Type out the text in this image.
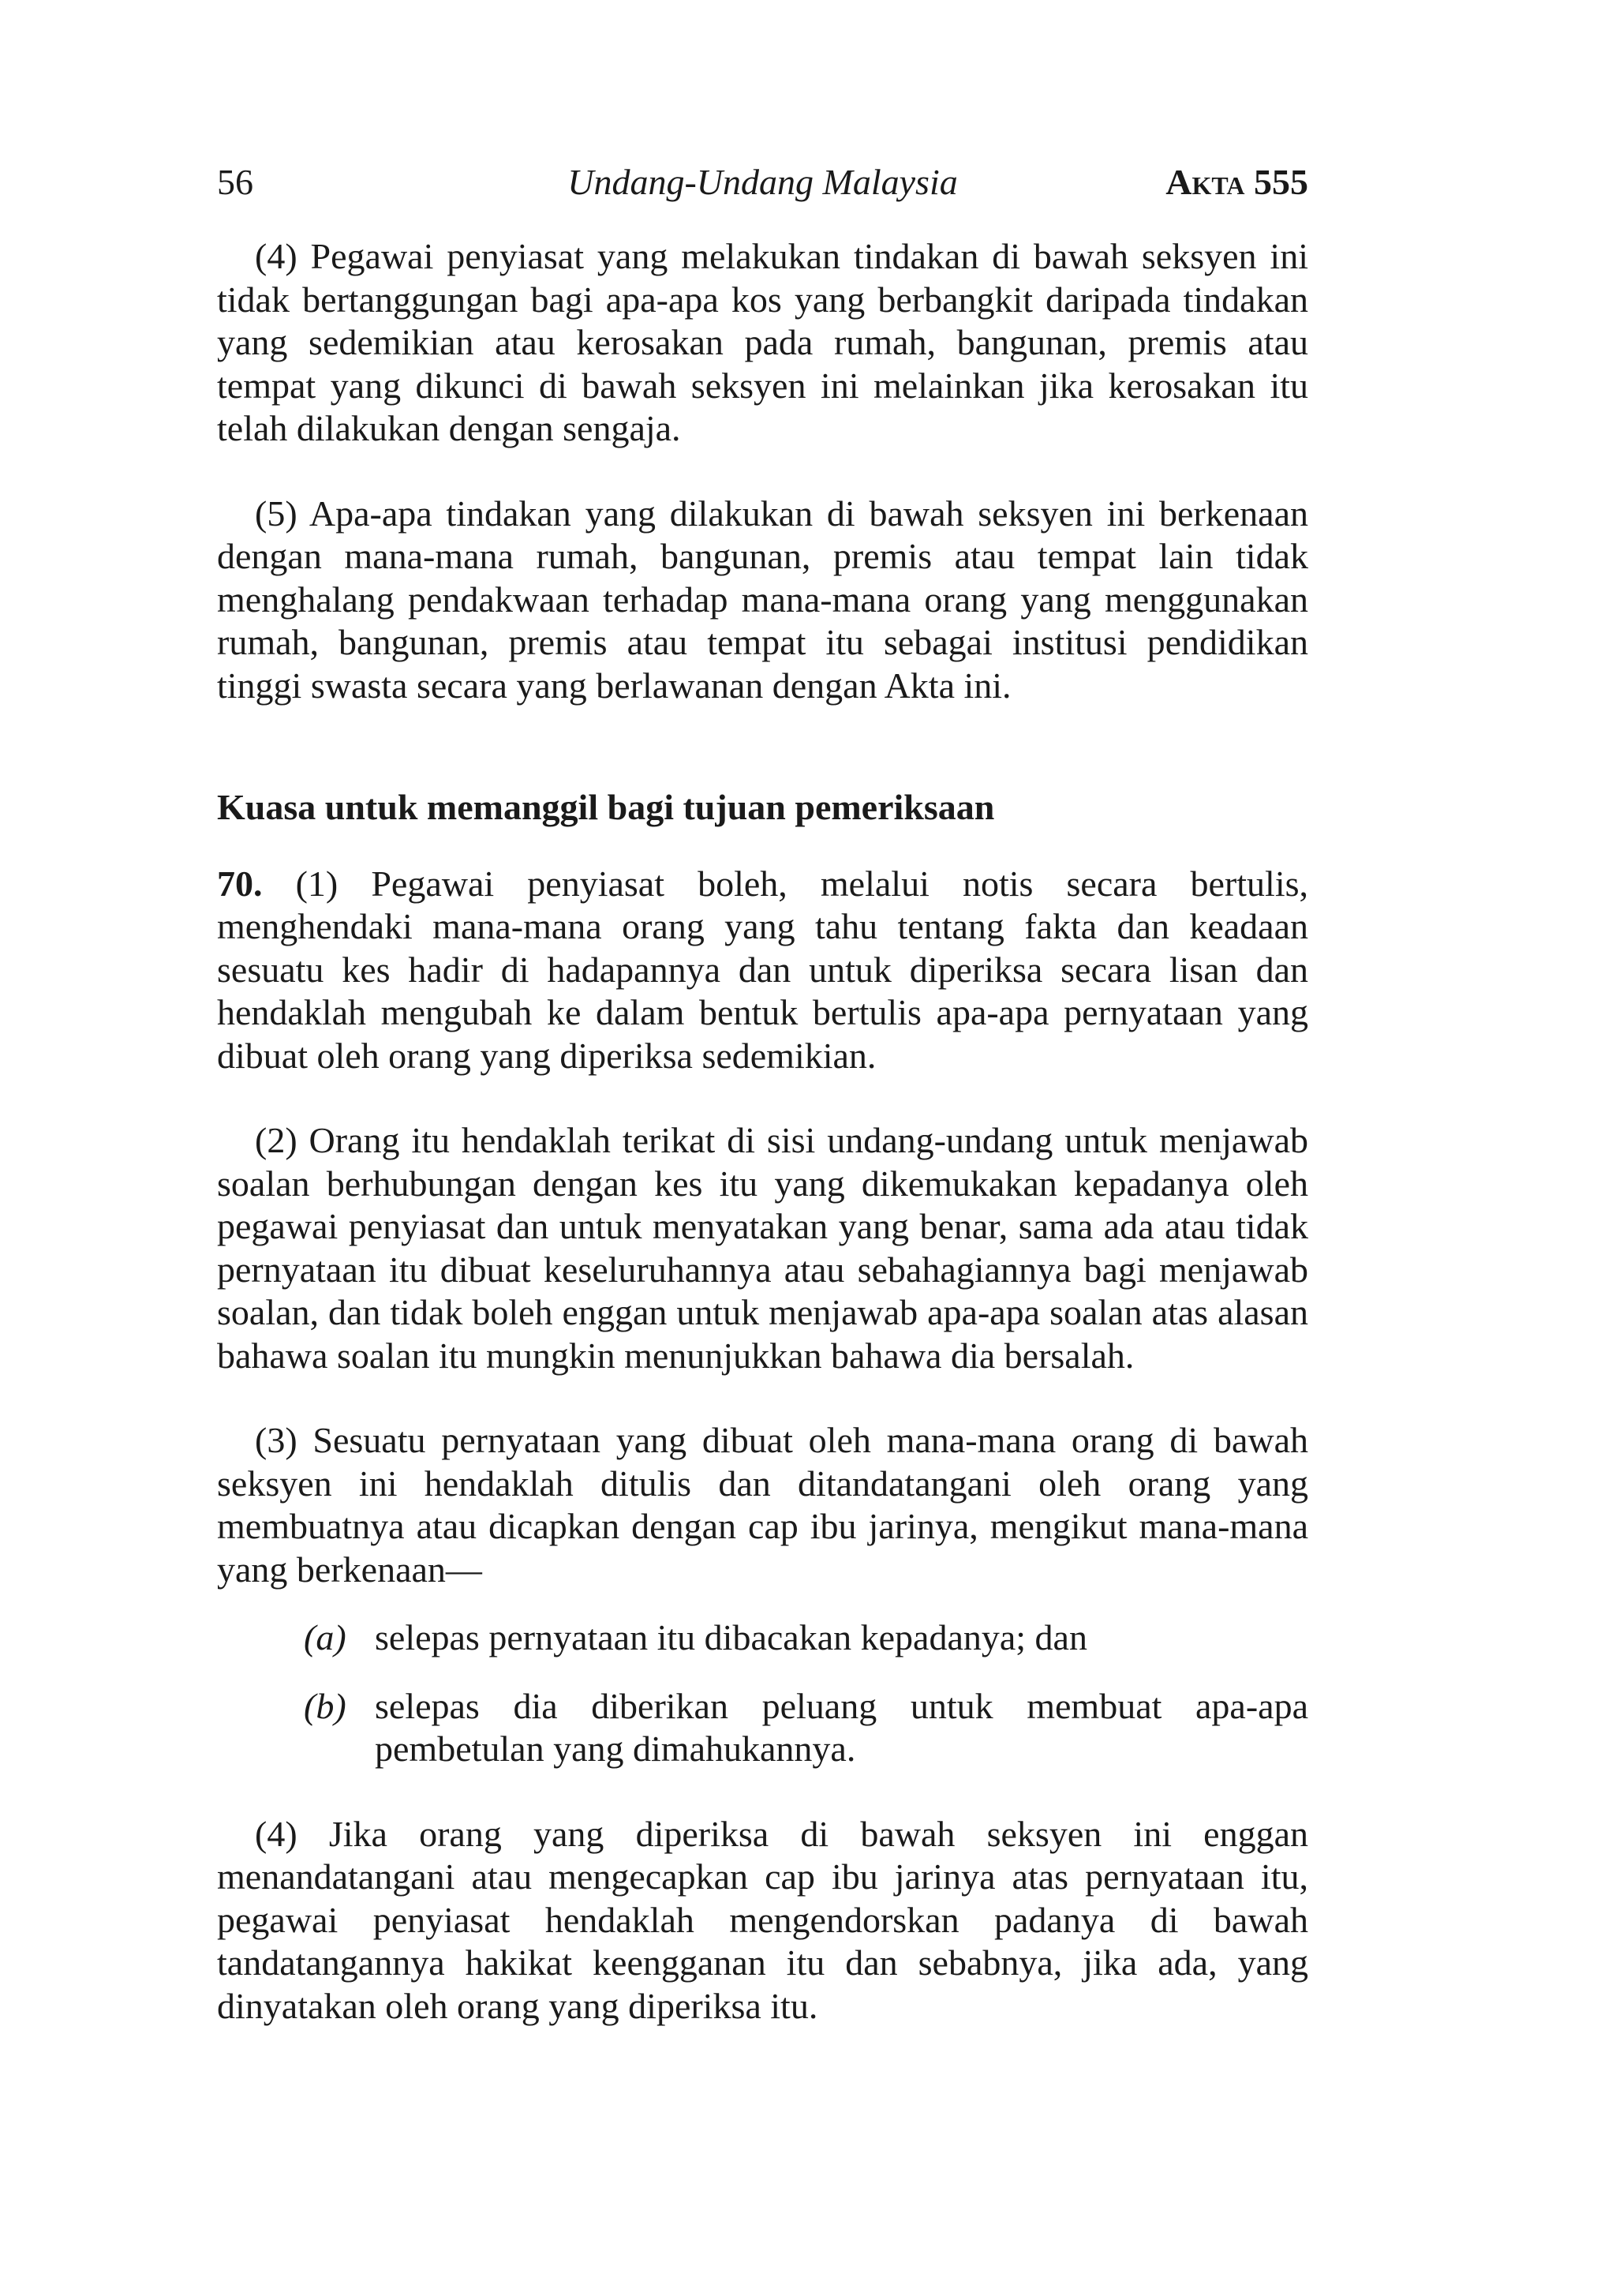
56	Undang-Undang Malaysia	Akta 555

(4) Pegawai penyiasat yang melakukan tindakan di bawah seksyen ini tidak bertanggungan bagi apa-apa kos yang berbangkit daripada tindakan yang sedemikian atau kerosakan pada rumah, bangunan, premis atau tempat yang dikunci di bawah seksyen ini melainkan jika kerosakan itu telah dilakukan dengan sengaja.

(5) Apa-apa tindakan yang dilakukan di bawah seksyen ini berkenaan dengan mana-mana rumah, bangunan, premis atau tempat lain tidak menghalang pendakwaan terhadap mana-mana orang yang menggunakan rumah, bangunan, premis atau tempat itu sebagai institusi pendidikan tinggi swasta secara yang berlawanan dengan Akta ini.

Kuasa untuk memanggil bagi tujuan pemeriksaan

70. (1) Pegawai penyiasat boleh, melalui notis secara bertulis, menghendaki mana-mana orang yang tahu tentang fakta dan keadaan sesuatu kes hadir di hadapannya dan untuk diperiksa secara lisan dan hendaklah mengubah ke dalam bentuk bertulis apa-apa pernyataan yang dibuat oleh orang yang diperiksa sedemikian.

(2) Orang itu hendaklah terikat di sisi undang-undang untuk menjawab soalan berhubungan dengan kes itu yang dikemukakan kepadanya oleh pegawai penyiasat dan untuk menyatakan yang benar, sama ada atau tidak pernyataan itu dibuat keseluruhannya atau sebahagiannya bagi menjawab soalan, dan tidak boleh enggan untuk menjawab apa-apa soalan atas alasan bahawa soalan itu mungkin menunjukkan bahawa dia bersalah.

(3) Sesuatu pernyataan yang dibuat oleh mana-mana orang di bawah seksyen ini hendaklah ditulis dan ditandatangani oleh orang yang membuatnya atau dicapkan dengan cap ibu jarinya, mengikut mana-mana yang berkenaan—

(a) selepas pernyataan itu dibacakan kepadanya; dan
(b) selepas dia diberikan peluang untuk membuat apa-apa pembetulan yang dimahukannya.

(4) Jika orang yang diperiksa di bawah seksyen ini enggan menandatangani atau mengecapkan cap ibu jarinya atas pernyataan itu, pegawai penyiasat hendaklah mengendorskan padanya di bawah tandatangannya hakikat keengganan itu dan sebabnya, jika ada, yang dinyatakan oleh orang yang diperiksa itu.
